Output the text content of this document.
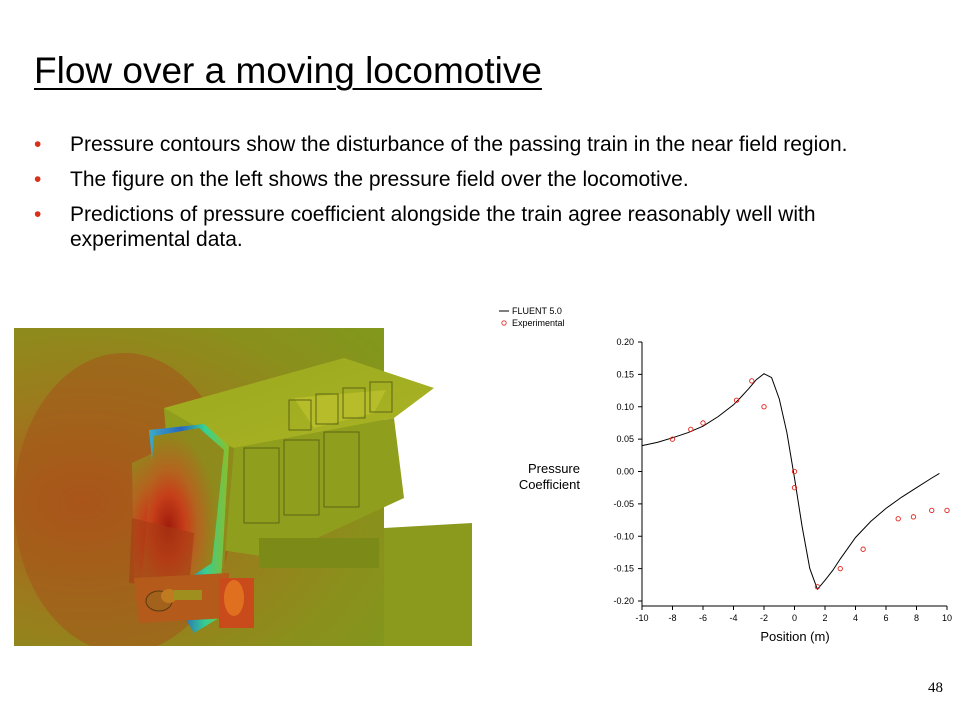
Flow over a moving locomotive
• Pressure contours show the disturbance of the passing train in the near field region.
• The figure on the left shows the pressure field over the locomotive.
• Predictions of pressure coefficient alongside the train agree reasonably well with experimental data.
FLUENT 5.0
Experimental
Pressure
Coefficient
Position (m)
0.20
0.15
0.10
0.05
0.00
-0.05
-0.10
-0.15
-0.20
-10 -8 -6 -4 -2	0	2	4	6	8	10
48
